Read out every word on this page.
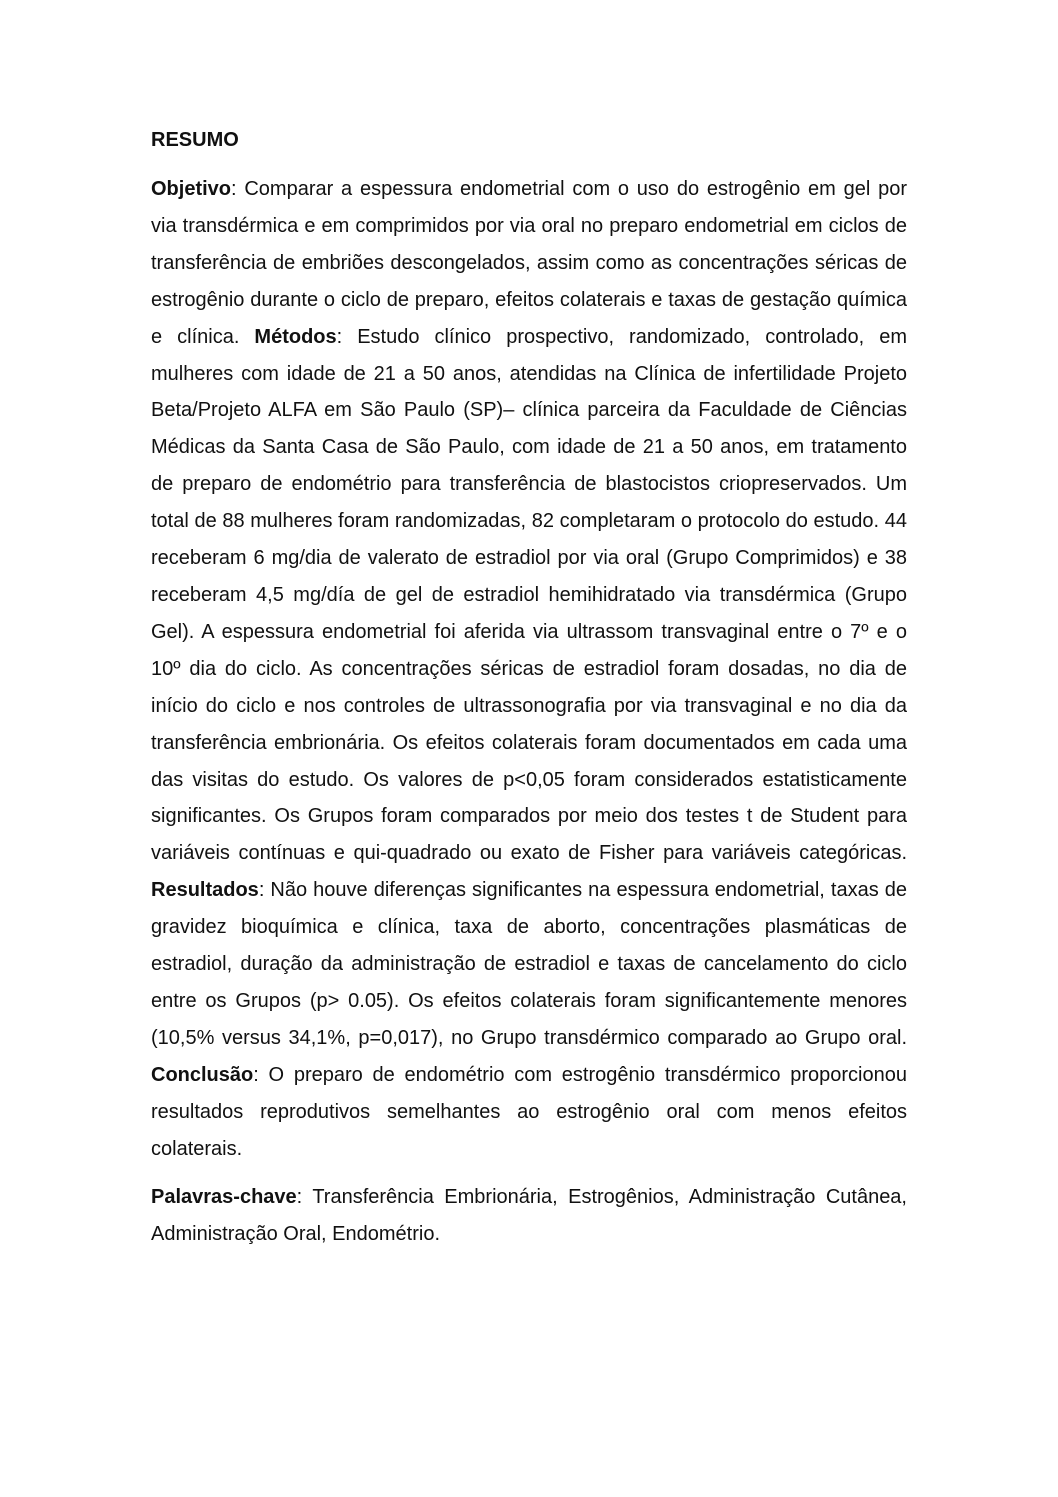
RESUMO

Objetivo: Comparar a espessura endometrial com o uso do estrogênio em gel por via transdérmica e em comprimidos por via oral no preparo endometrial em ciclos de transferência de embriões descongelados, assim como as concentrações séricas de estrogênio durante o ciclo de preparo, efeitos colaterais e taxas de gestação química e clínica. Métodos: Estudo clínico prospectivo, randomizado, controlado, em mulheres com idade de 21 a 50 anos, atendidas na Clínica de infertilidade Projeto Beta/Projeto ALFA em São Paulo (SP)– clínica parceira da Faculdade de Ciências Médicas da Santa Casa de São Paulo, com idade de 21 a 50 anos, em tratamento de preparo de endométrio para transferência de blastocistos criopreservados. Um total de 88 mulheres foram randomizadas, 82 completaram o protocolo do estudo. 44 receberam 6 mg/dia de valerato de estradiol por via oral (Grupo Comprimidos) e 38 receberam 4,5 mg/día de gel de estradiol hemihidratado via transdérmica (Grupo Gel). A espessura endometrial foi aferida via ultrassom transvaginal entre o 7º e o 10º dia do ciclo. As concentrações séricas de estradiol foram dosadas, no dia de início do ciclo e nos controles de ultrassonografia por via transvaginal e no dia da transferência embrionária. Os efeitos colaterais foram documentados em cada uma das visitas do estudo. Os valores de p<0,05 foram considerados estatisticamente significantes. Os Grupos foram comparados por meio dos testes t de Student para variáveis contínuas e qui-quadrado ou exato de Fisher para variáveis categóricas. Resultados: Não houve diferenças significantes na espessura endometrial, taxas de gravidez bioquímica e clínica, taxa de aborto, concentrações plasmáticas de estradiol, duração da administração de estradiol e taxas de cancelamento do ciclo entre os Grupos (p> 0.05). Os efeitos colaterais foram significantemente menores (10,5% versus 34,1%, p=0,017), no Grupo transdérmico comparado ao Grupo oral. Conclusão: O preparo de endométrio com estrogênio transdérmico proporcionou resultados reprodutivos semelhantes ao estrogênio oral com menos efeitos colaterais.

Palavras-chave: Transferência Embrionária, Estrogênios, Administração Cutânea, Administração Oral, Endométrio.
